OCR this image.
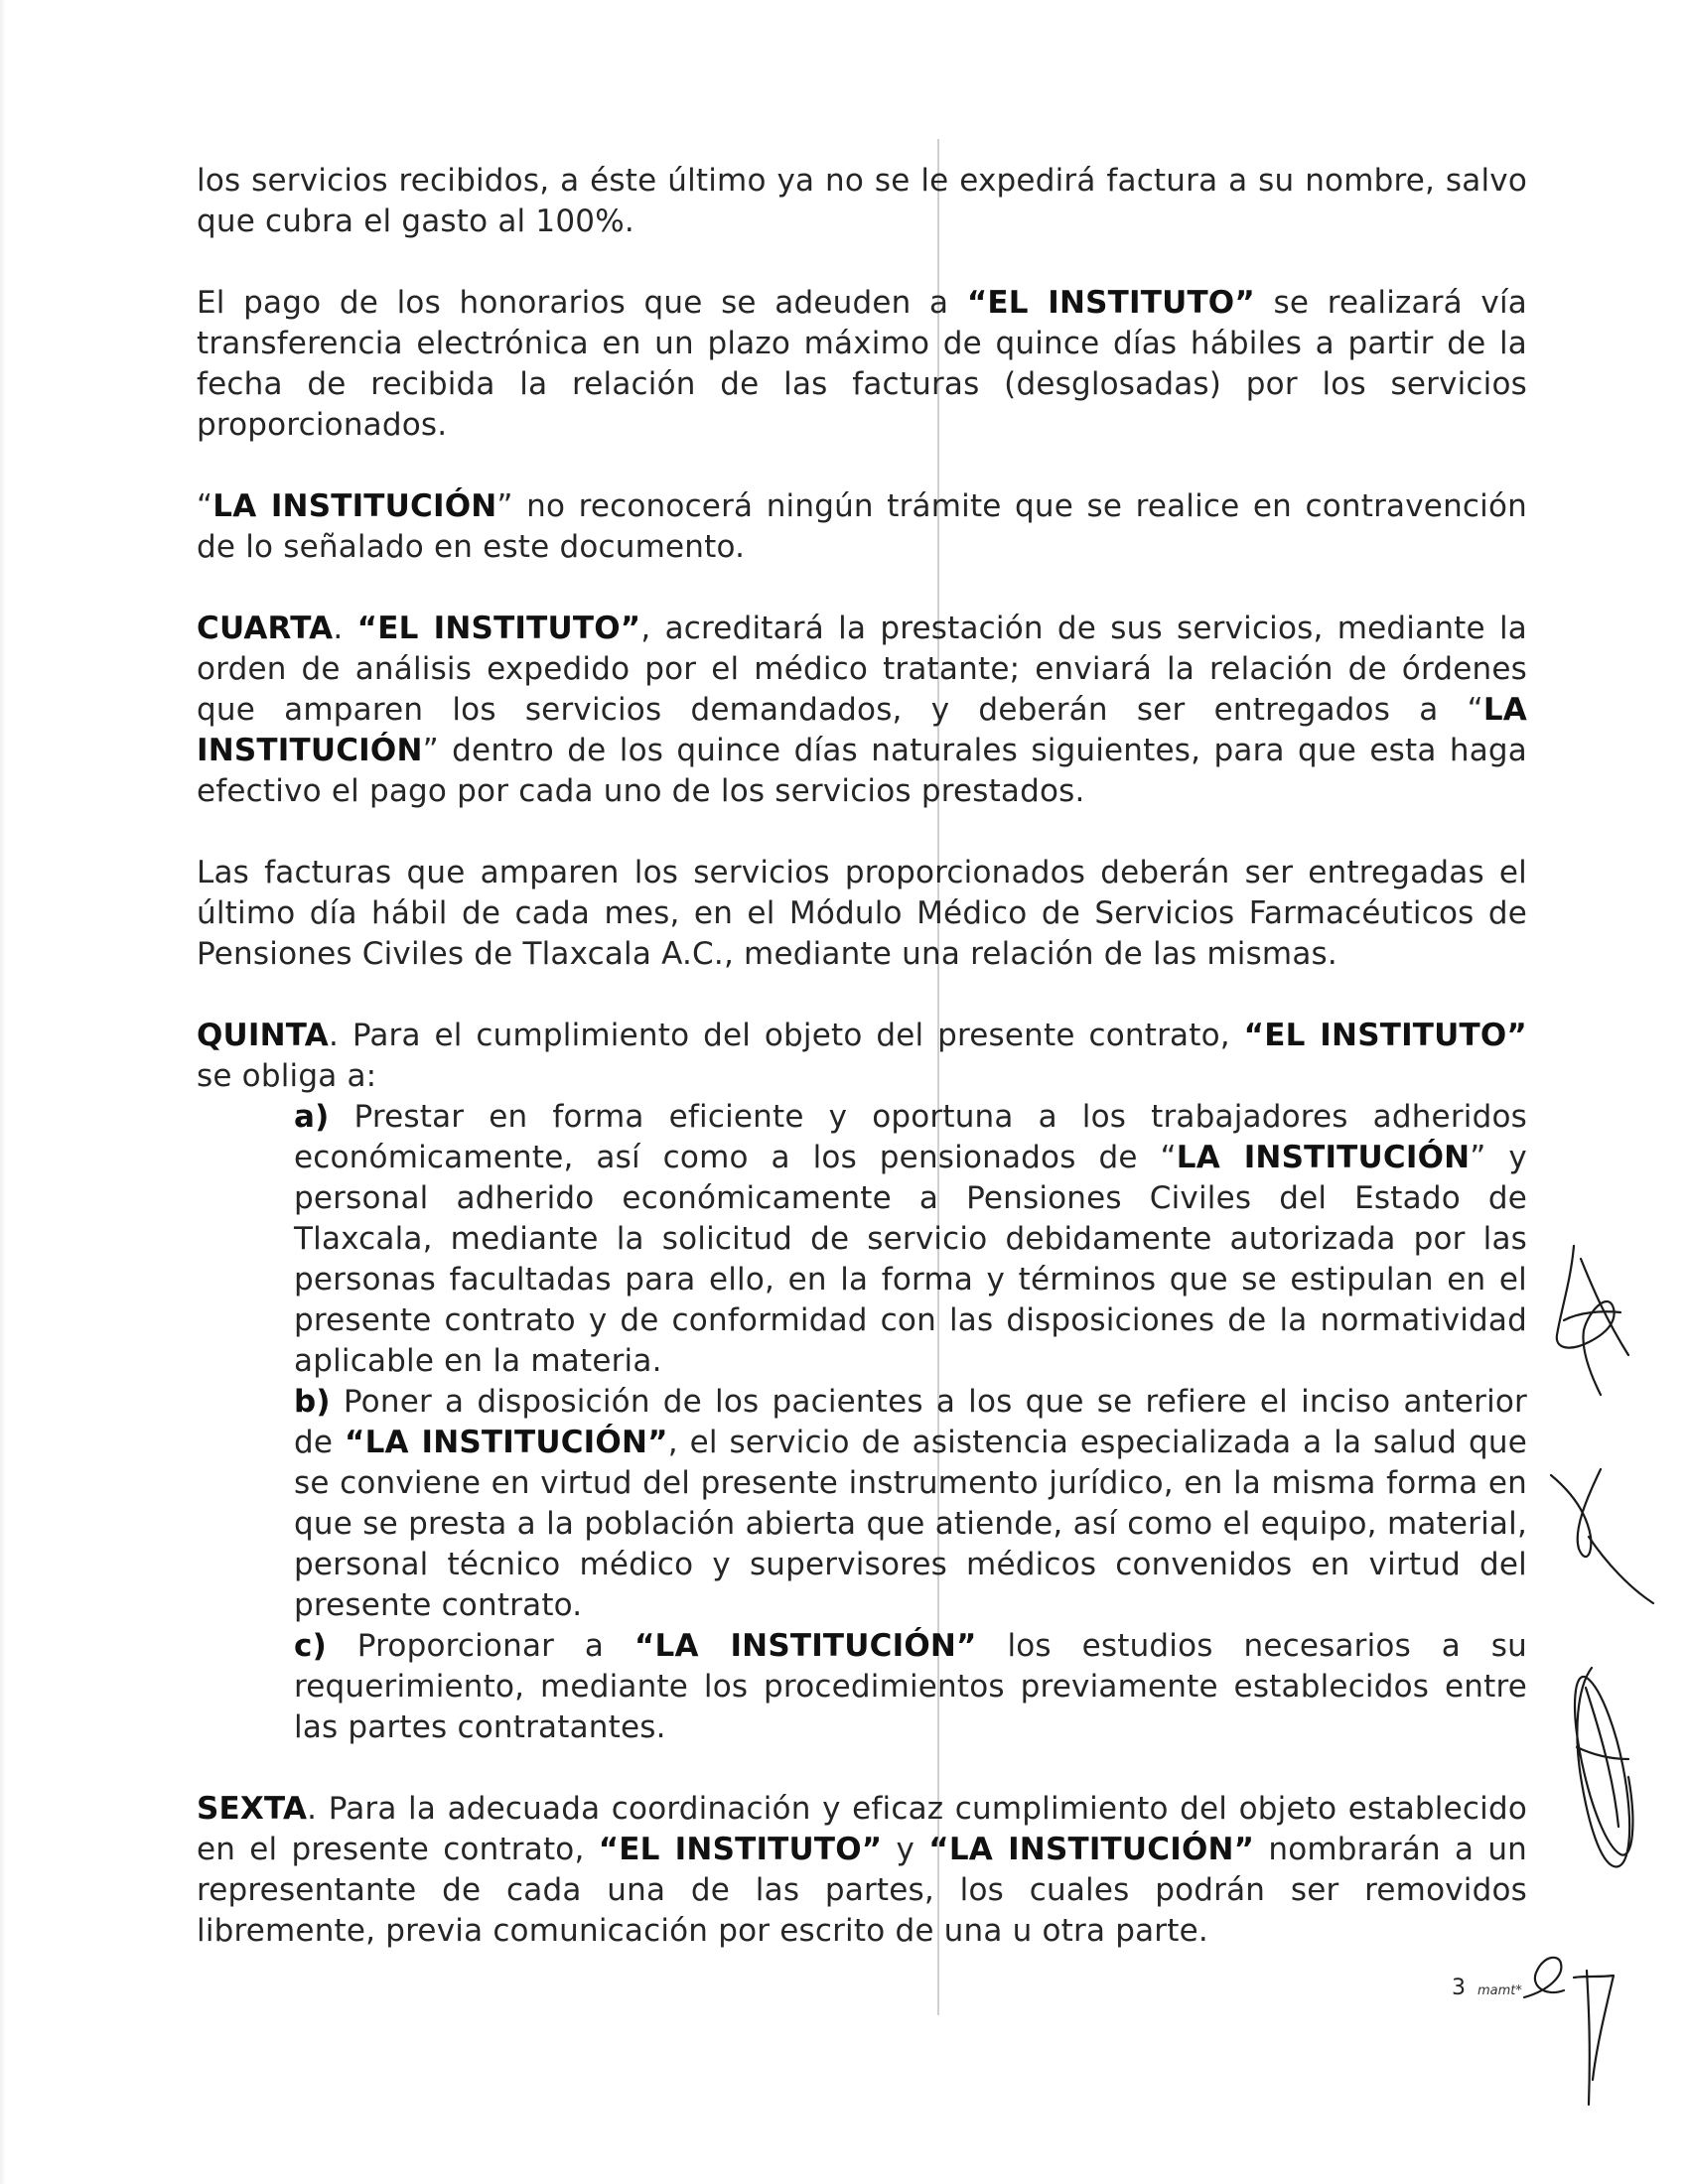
los servicios recibidos, a éste último ya no se le expedirá factura a su nombre, salvo que cubra el gasto al 100%.

El pago de los honorarios que se adeuden a “EL INSTITUTO” se realizará vía transferencia electrónica en un plazo máximo de quince días hábiles a partir de la fecha de recibida la relación de las facturas (desglosadas) por los servicios proporcionados.

“LA INSTITUCIÓN” no reconocerá ningún trámite que se realice en contravención de lo señalado en este documento.

CUARTA. “EL INSTITUTO”, acreditará la prestación de sus servicios, mediante la orden de análisis expedido por el médico tratante; enviará la relación de órdenes que amparen los servicios demandados, y deberán ser entregados a “LA INSTITUCIÓN” dentro de los quince días naturales siguientes, para que esta haga efectivo el pago por cada uno de los servicios prestados.

Las facturas que amparen los servicios proporcionados deberán ser entregadas el último día hábil de cada mes, en el Módulo Médico de Servicios Farmacéuticos de Pensiones Civiles de Tlaxcala A.C., mediante una relación de las mismas.

QUINTA. Para el cumplimiento del objeto del presente contrato, “EL INSTITUTO” se obliga a:

a) Prestar en forma eficiente y oportuna a los trabajadores adheridos económicamente, así como a los pensionados de “LA INSTITUCIÓN” y personal adherido económicamente a Pensiones Civiles del Estado de Tlaxcala, mediante la solicitud de servicio debidamente autorizada por las personas facultadas para ello, en la forma y términos que se estipulan en el presente contrato y de conformidad con las disposiciones de la normatividad aplicable en la materia.

b) Poner a disposición de los pacientes a los que se refiere el inciso anterior de “LA INSTITUCIÓN”, el servicio de asistencia especializada a la salud que se conviene en virtud del presente instrumento jurídico, en la misma forma en que se presta a la población abierta que atiende, así como el equipo, material, personal técnico médico y supervisores médicos convenidos en virtud del presente contrato.

c) Proporcionar a “LA INSTITUCIÓN” los estudios necesarios a su requerimiento, mediante los procedimientos previamente establecidos entre las partes contratantes.

SEXTA. Para la adecuada coordinación y eficaz cumplimiento del objeto establecido en el presente contrato, “EL INSTITUTO” y “LA INSTITUCIÓN” nombrarán a un representante de cada una de las partes, los cuales podrán ser removidos libremente, previa comunicación por escrito de una u otra parte.

3 mamt*
